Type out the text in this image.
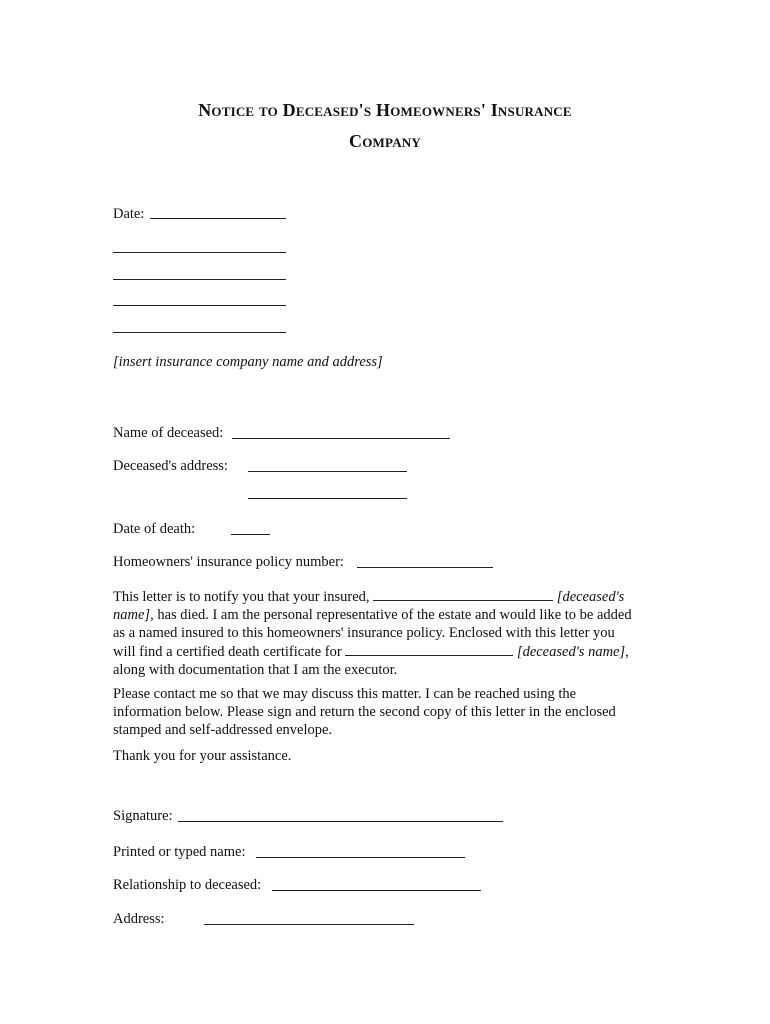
Notice to Deceased's Homeowners' Insurance
Company
Date:
[insert insurance company name and address]
Name of deceased:
Deceased's address:
Date of death:
Homeowners' insurance policy number:

This letter is to notify you that your insured,	[deceased's

name], has died. I am the personal representative of the estate and would like to be added

as a named insured to this homeowners' insurance policy. Enclosed with this letter you

will find a certified death certificate for	[deceased's name],

along with documentation that I am the executor.

Please contact me so that we may discuss this matter. I can be reached using the

information below. Please sign and return the second copy of this letter in the enclosed

stamped and self-addressed envelope.

Thank you for your assistance.
Signature:
Printed or typed name:
Relationship to deceased:
Address:
